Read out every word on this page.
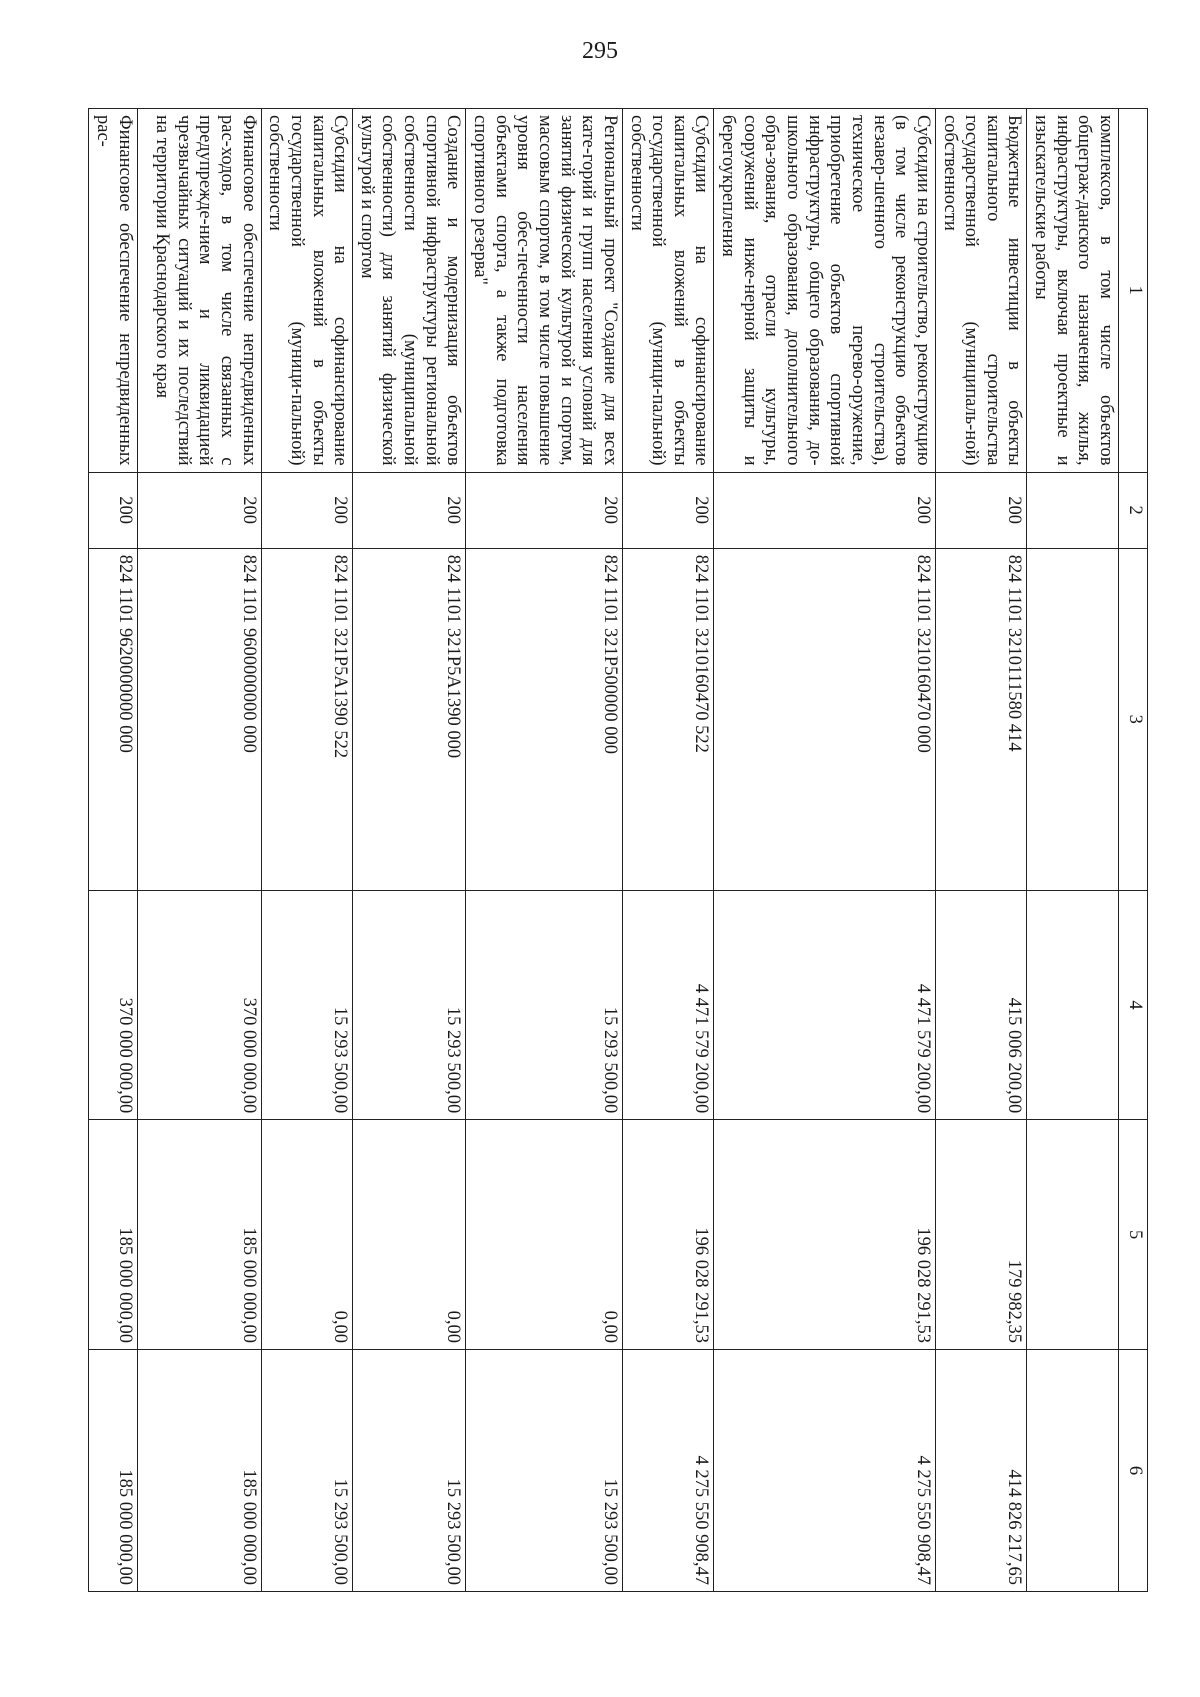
295
1	2	3	4	5	6
комплексов, в том числе объектов общеграж-данского назначения, жилья, инфраструктуры, включая проектные и изыскательские работы					
Бюджетные инвестиции в объекты капитального строительства государственной (муниципаль-ной) собственности	200	824 1101 3210111580 414	415 006 200,00	179 982,35	414 826 217,65
Субсидии на строительство, реконструкцию (в том числе реконструкцию объектов незавер-шенного строительства), техническое перево-оружение, приобретение объектов спортивной инфраструктуры, общего образования, до-школьного образования, дополнительного обра-зования, отрасли культуры, сооружений инже-нерной защиты и берегоукрепления	200	824 1101 3210160470 000	4 471 579 200,00	196 028 291,53	4 275 550 908,47
Субсидии на софинансирование капитальных вложений в объекты государственной (муници-пальной) собственности	200	824 1101 3210160470 522	4 471 579 200,00	196 028 291,53	4 275 550 908,47
Региональный проект "Создание для всех кате-горий и групп населения условий для занятий физической культурой и спортом, массовым спортом, в том числе повышение уровня обес-печенности населения объектами спорта, а также подготовка спортивного резерва"	200	824 1101 321P500000 000	15 293 500,00	0,00	15 293 500,00
Создание и модернизация объектов спортивной инфраструктуры региональной собственности (муниципальной собственности) для занятий физической культурой и спортом	200	824 1101 321P5A1390 000	15 293 500,00	0,00	15 293 500,00
Субсидии на софинансирование капитальных вложений в объекты государственной (муници-пальной) собственности	200	824 1101 321P5A1390 522	15 293 500,00	0,00	15 293 500,00
Финансовое обеспечение непредвиденных рас-ходов, в том числе связанных с предупрежде-нием и ликвидацией чрезвычайных ситуаций и их последствий на территории Краснодарского края	200	824 1101 9600000000 000	370 000 000,00	185 000 000,00	185 000 000,00
Финансовое обеспечение непредвиденных рас-	200	824 1101 9620000000 000	370 000 000,00	185 000 000,00	185 000 000,00
